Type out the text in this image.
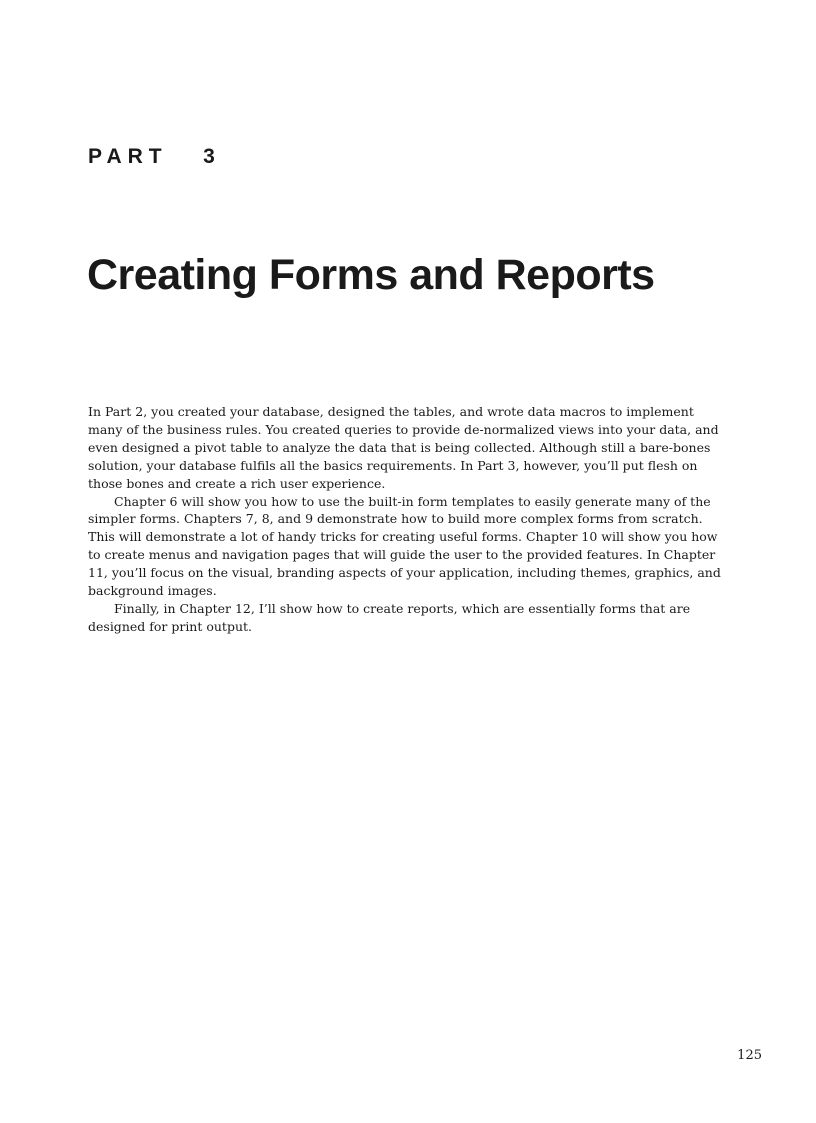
PART   3
Creating Forms and Reports

In Part 2, you created your database, designed the tables, and wrote data macros to implement many of the business rules. You created queries to provide de-normalized views into your data, and even designed a pivot table to analyze the data that is being collected. Although still a bare-bones solution, your database fulfils all the basics requirements. In Part 3, however, you’ll put flesh on those bones and create a rich user experience.

Chapter 6 will show you how to use the built-in form templates to easily generate many of the simpler forms. Chapters 7, 8, and 9 demonstrate how to build more complex forms from scratch. This will demonstrate a lot of handy tricks for creating useful forms. Chapter 10 will show you how to create menus and navigation pages that will guide the user to the provided features. In Chapter 11, you’ll focus on the visual, branding aspects of your application, including themes, graphics, and background images.

Finally, in Chapter 12, I’ll show how to create reports, which are essentially forms that are designed for print output.

125
